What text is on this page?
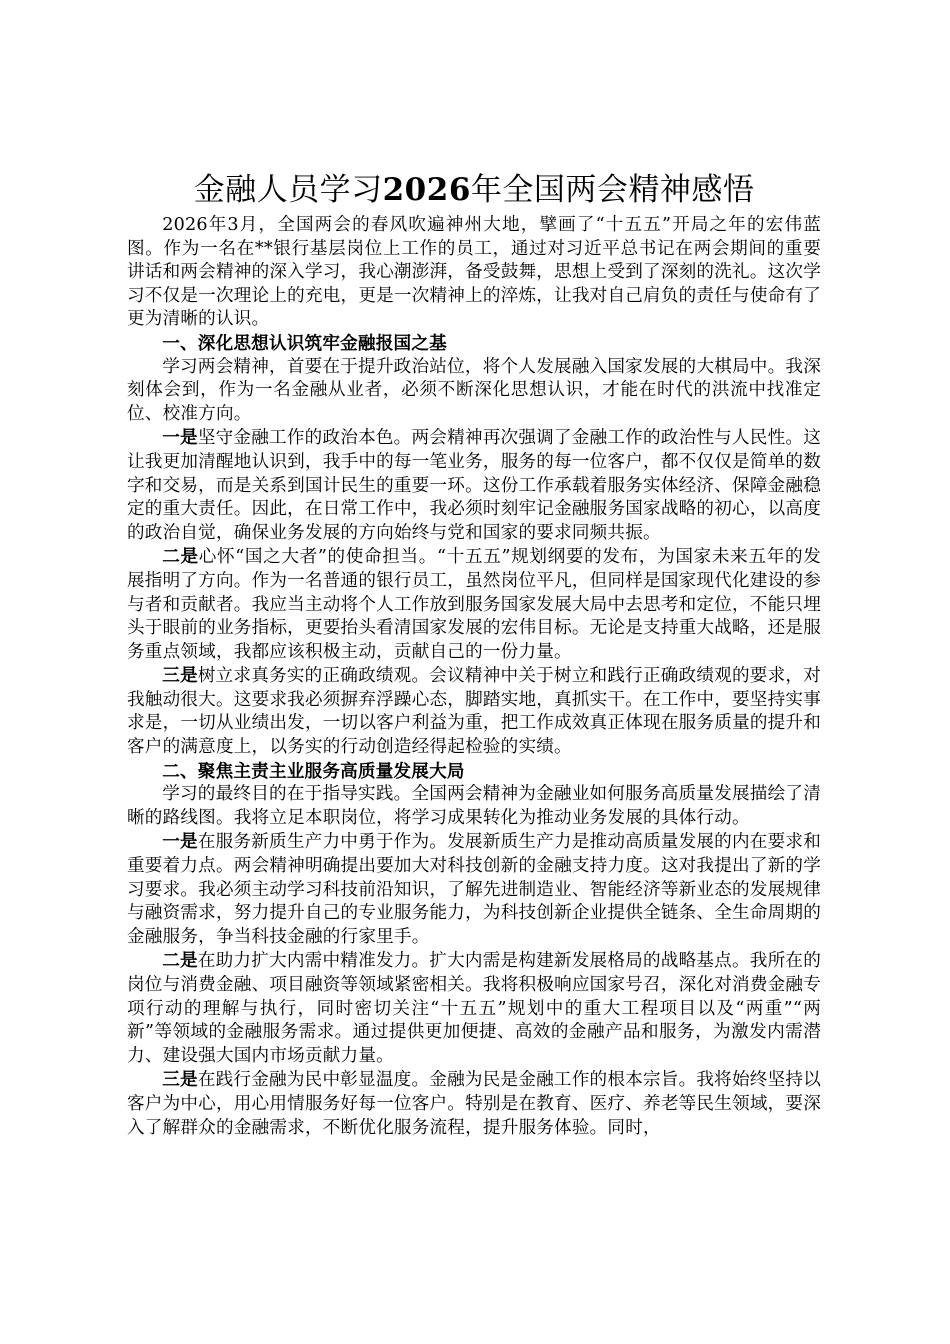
金融人员学习2026年全国两会精神感悟

2026年3月，全国两会的春风吹遍神州大地，擘画了“十五五”开局之年的宏伟蓝图。作为一名在**银行基层岗位上工作的员工，通过对习近平总书记在两会期间的重要讲话和两会精神的深入学习，我心潮澎湃，备受鼓舞，思想上受到了深刻的洗礼。这次学习不仅是一次理论上的充电，更是一次精神上的淬炼，让我对自己肩负的责任与使命有了更为清晰的认识。

一、深化思想认识筑牢金融报国之基

学习两会精神，首要在于提升政治站位，将个人发展融入国家发展的大棋局中。我深刻体会到，作为一名金融从业者，必须不断深化思想认识，才能在时代的洪流中找准定位、校准方向。

一是坚守金融工作的政治本色。两会精神再次强调了金融工作的政治性与人民性。这让我更加清醒地认识到，我手中的每一笔业务，服务的每一位客户，都不仅仅是简单的数字和交易，而是关系到国计民生的重要一环。这份工作承载着服务实体经济、保障金融稳定的重大责任。因此，在日常工作中，我必须时刻牢记金融服务国家战略的初心，以高度的政治自觉，确保业务发展的方向始终与党和国家的要求同频共振。

二是心怀“国之大者”的使命担当。“十五五”规划纲要的发布，为国家未来五年的发展指明了方向。作为一名普通的银行员工，虽然岗位平凡，但同样是国家现代化建设的参与者和贡献者。我应当主动将个人工作放到服务国家发展大局中去思考和定位，不能只埋头于眼前的业务指标，更要抬头看清国家发展的宏伟目标。无论是支持重大战略，还是服务重点领域，我都应该积极主动，贡献自己的一份力量。

三是树立求真务实的正确政绩观。会议精神中关于树立和践行正确政绩观的要求，对我触动很大。这要求我必须摒弃浮躁心态，脚踏实地，真抓实干。在工作中，要坚持实事求是，一切从业绩出发，一切以客户利益为重，把工作成效真正体现在服务质量的提升和客户的满意度上，以务实的行动创造经得起检验的实绩。

二、聚焦主责主业服务高质量发展大局

学习的最终目的在于指导实践。全国两会精神为金融业如何服务高质量发展描绘了清晰的路线图。我将立足本职岗位，将学习成果转化为推动业务发展的具体行动。

一是在服务新质生产力中勇于作为。发展新质生产力是推动高质量发展的内在要求和重要着力点。两会精神明确提出要加大对科技创新的金融支持力度。这对我提出了新的学习要求。我必须主动学习科技前沿知识，了解先进制造业、智能经济等新业态的发展规律与融资需求，努力提升自己的专业服务能力，为科技创新企业提供全链条、全生命周期的金融服务，争当科技金融的行家里手。

二是在助力扩大内需中精准发力。扩大内需是构建新发展格局的战略基点。我所在的岗位与消费金融、项目融资等领域紧密相关。我将积极响应国家号召，深化对消费金融专项行动的理解与执行，同时密切关注“十五五”规划中的重大工程项目以及“两重”“两新”等领域的金融服务需求。通过提供更加便捷、高效的金融产品和服务，为激发内需潜力、建设强大国内市场贡献力量。

三是在践行金融为民中彰显温度。金融为民是金融工作的根本宗旨。我将始终坚持以客户为中心，用心用情服务好每一位客户。特别是在教育、医疗、养老等民生领域，要深入了解群众的金融需求，不断优化服务流程，提升服务体验。同时，
